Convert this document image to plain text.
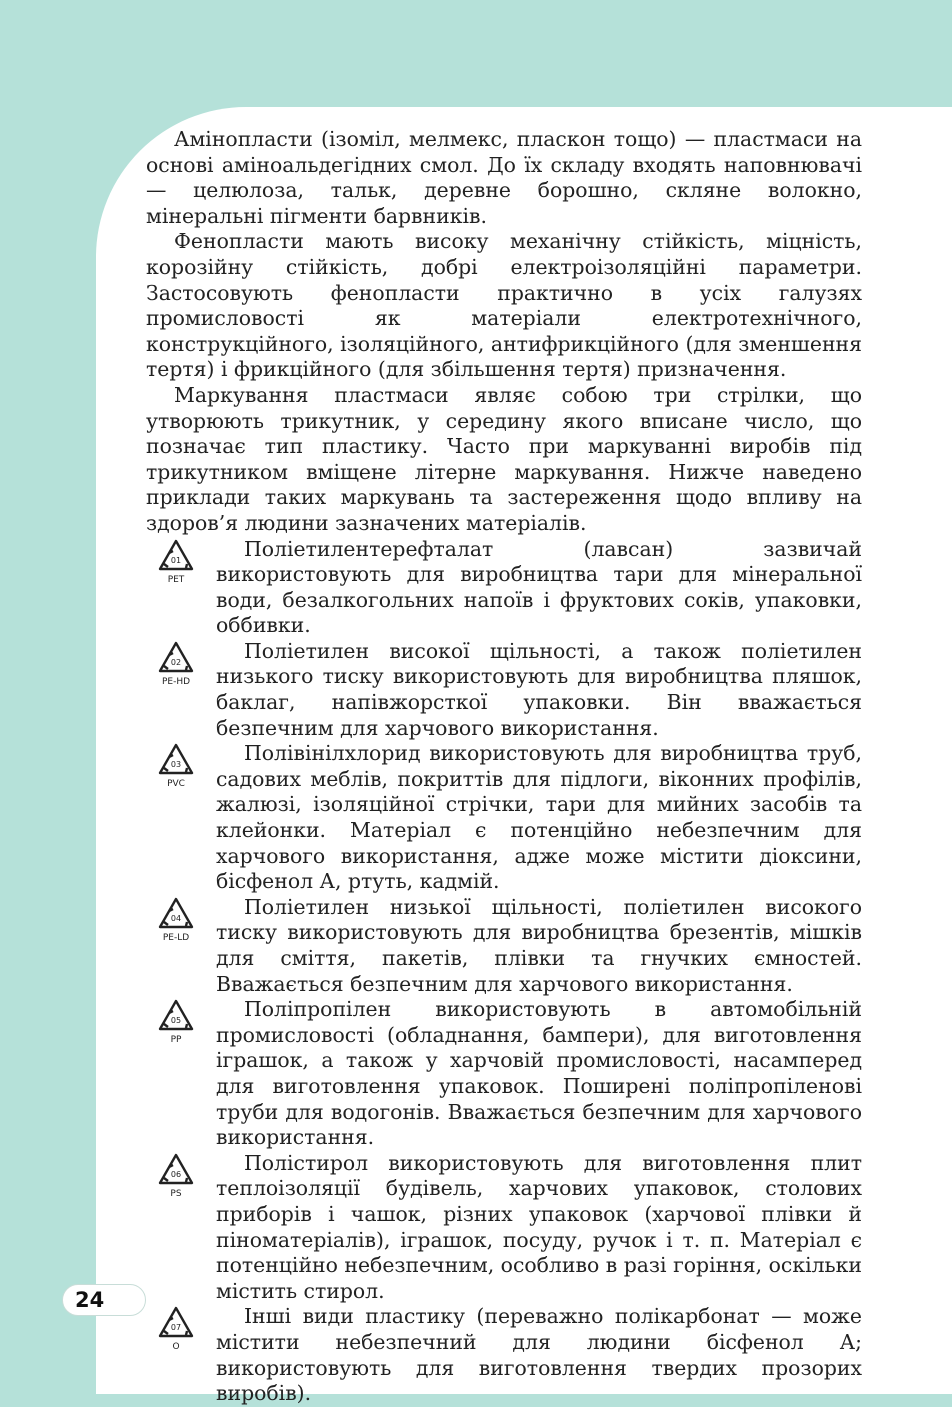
Амінопласти (ізоміл, мелмекс, пласкон тощо) — пластмаси на основі аміноальдегідних смол. До їх складу входять наповнювачі — целюлоза, тальк, деревне борошно, скляне волокно, мінеральні пігменти барвників.

Фенопласти мають високу механічну стійкість, міцність, корозійну стійкість, добрі електроізоляційні параметри. Застосовують фенопласти практично в усіх галузях промисловості як матеріали електротехнічного, конструкційного, ізоляційного, антифрикційного (для зменшення тертя) і фрикційного (для збільшення тертя) призначення.

Маркування пластмаси являє собою три стрілки, що утворюють трикутник, у середину якого вписане число, що позначає тип пластику. Часто при маркуванні виробів під трикутником вміщене літерне маркування. Нижче наведено приклади таких маркувань та застереження щодо впливу на здоров’я людини зазначених матеріалів.

01
PET

Поліетилентерефталат (лавсан) зазвичай використовують для виробництва тари для мінеральної води, безалкогольних напоїв і фруктових соків, упаковки, оббивки.

02
PE-HD

Поліетилен високої щільності, а також поліетилен низького тиску використовують для виробництва пляшок, баклаг, напівжорсткої упаковки. Він вважається безпечним для харчового використання.

03
PVC

Полівінілхлорид використовують для виробництва труб, садових меблів, покриттів для підлоги, віконних профілів, жалюзі, ізоляційної стрічки, тари для мийних засобів та клейонки. Матеріал є потенційно небезпечним для харчового використання, адже може містити діоксини, бісфенол А, ртуть, кадмій.

04
PE-LD

Поліетилен низької щільності, поліетилен високого тиску використовують для виробництва брезентів, мішків для сміття, пакетів, плівки та гнучких ємностей. Вважається безпечним для харчового використання.

05
PP

Поліпропілен використовують в автомобільній промисловості (обладнання, бампери), для виготовлення іграшок, а також у харчовій промисловості, насамперед для виготовлення упаковок. Поширені поліпропіленові труби для водогонів. Вважається безпечним для харчового використання.

06
PS

Полістирол використовують для виготовлення плит теплоізоляції будівель, харчових упаковок, столових приборів і чашок, різних упаковок (харчової плівки й піноматеріалів), іграшок, посуду, ручок і т. п. Матеріал є потенційно небезпечним, особливо в разі горіння, оскільки містить стирол.

07
O

Інші види пластику (переважно полікарбонат — може містити небезпечний для людини бісфенол А; використовують для виготовлення твердих прозорих виробів).

24
